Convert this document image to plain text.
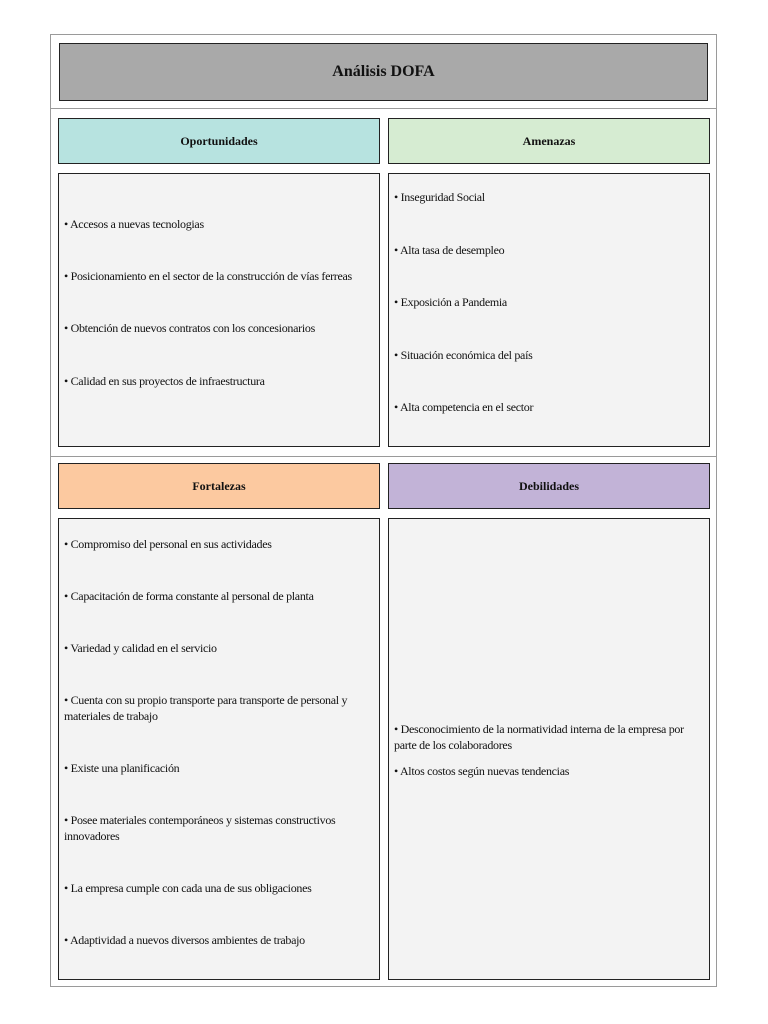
Análisis DOFA
Oportunidades
• Accesos a nuevas tecnologias
• Posicionamiento en el sector de la construcción de vías ferreas
• Obtención de nuevos contratos con los concesionarios
• Calidad en sus proyectos de infraestructura
Amenazas
• Inseguridad Social
• Alta tasa de desempleo
• Exposición a Pandemia
• Situación económica del país
• Alta competencia en el sector
Fortalezas
• Compromiso del personal en sus actividades
• Capacitación de forma constante al personal de planta
• Variedad y calidad en el servicio
• Cuenta con su propio transporte para transporte de personal y materiales de trabajo
• Existe una planificación
• Posee materiales contemporáneos y sistemas constructivos innovadores
• La empresa cumple con cada una de sus obligaciones
• Adaptividad a nuevos diversos ambientes de trabajo
Debilidades
• Desconocimiento de la normatividad interna de la empresa por parte de los colaboradores
• Altos costos según nuevas tendencias
